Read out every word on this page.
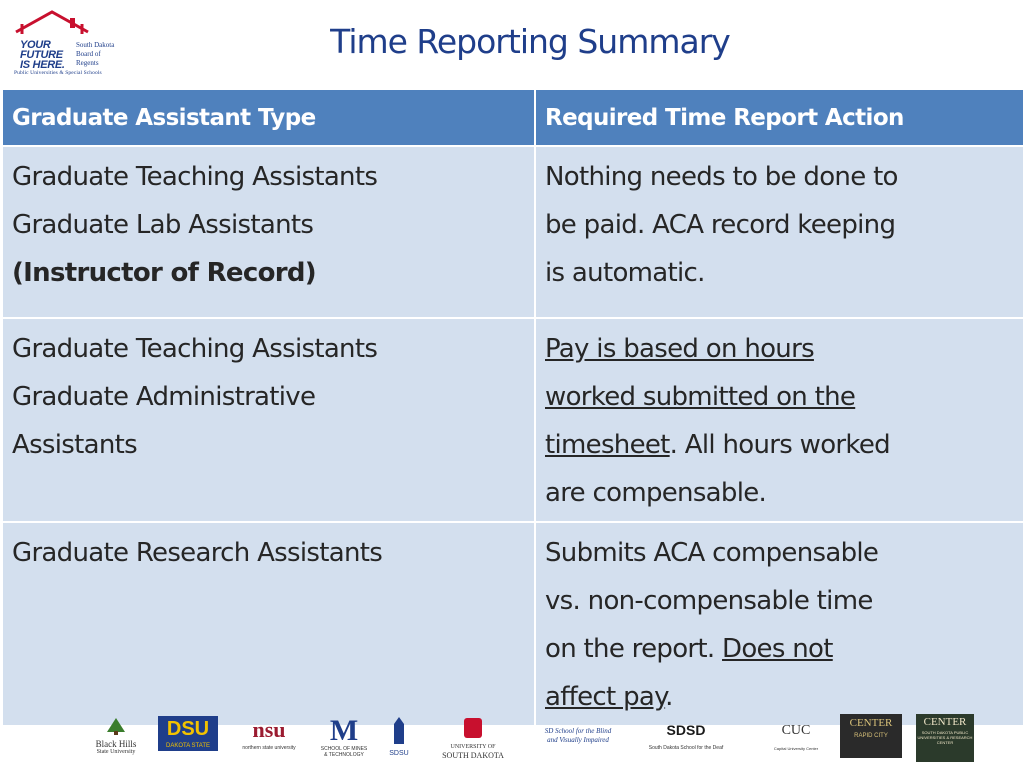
YOUR
FUTURE
IS HERE.
South Dakota
Board of
Regents
Public Universities & Special Schools
Time Reporting Summary
Graduate Assistant Type	Required Time Report Action

Graduate Teaching Assistants
Graduate Lab Assistants
(Instructor of Record)	Nothing needs to be done to
be paid. ACA record keeping
is automatic.

Graduate Teaching Assistants
Graduate Administrative
Assistants	Pay is based on hours
worked submitted on the
timesheet. All hours worked
are compensable.

Graduate Research Assistants	Submits ACA compensable
vs. non-compensable time
on the report. Does not
affect pay.
Black Hills
State University
DSU
DAKOTA STATE
nsu
northern state university
M
SCHOOL OF MINES & TECHNOLOGY	SDSU
UNIVERSITY OF
SOUTH DAKOTA
SD School for the Blind
and Visually Impaired
SDSD
South Dakota School for the Deaf
CUC
Capital University Center
CENTER
RAPID CITY
CENTER
SOUTH DAKOTA PUBLIC UNIVERSITIES & RESEARCH CENTER
